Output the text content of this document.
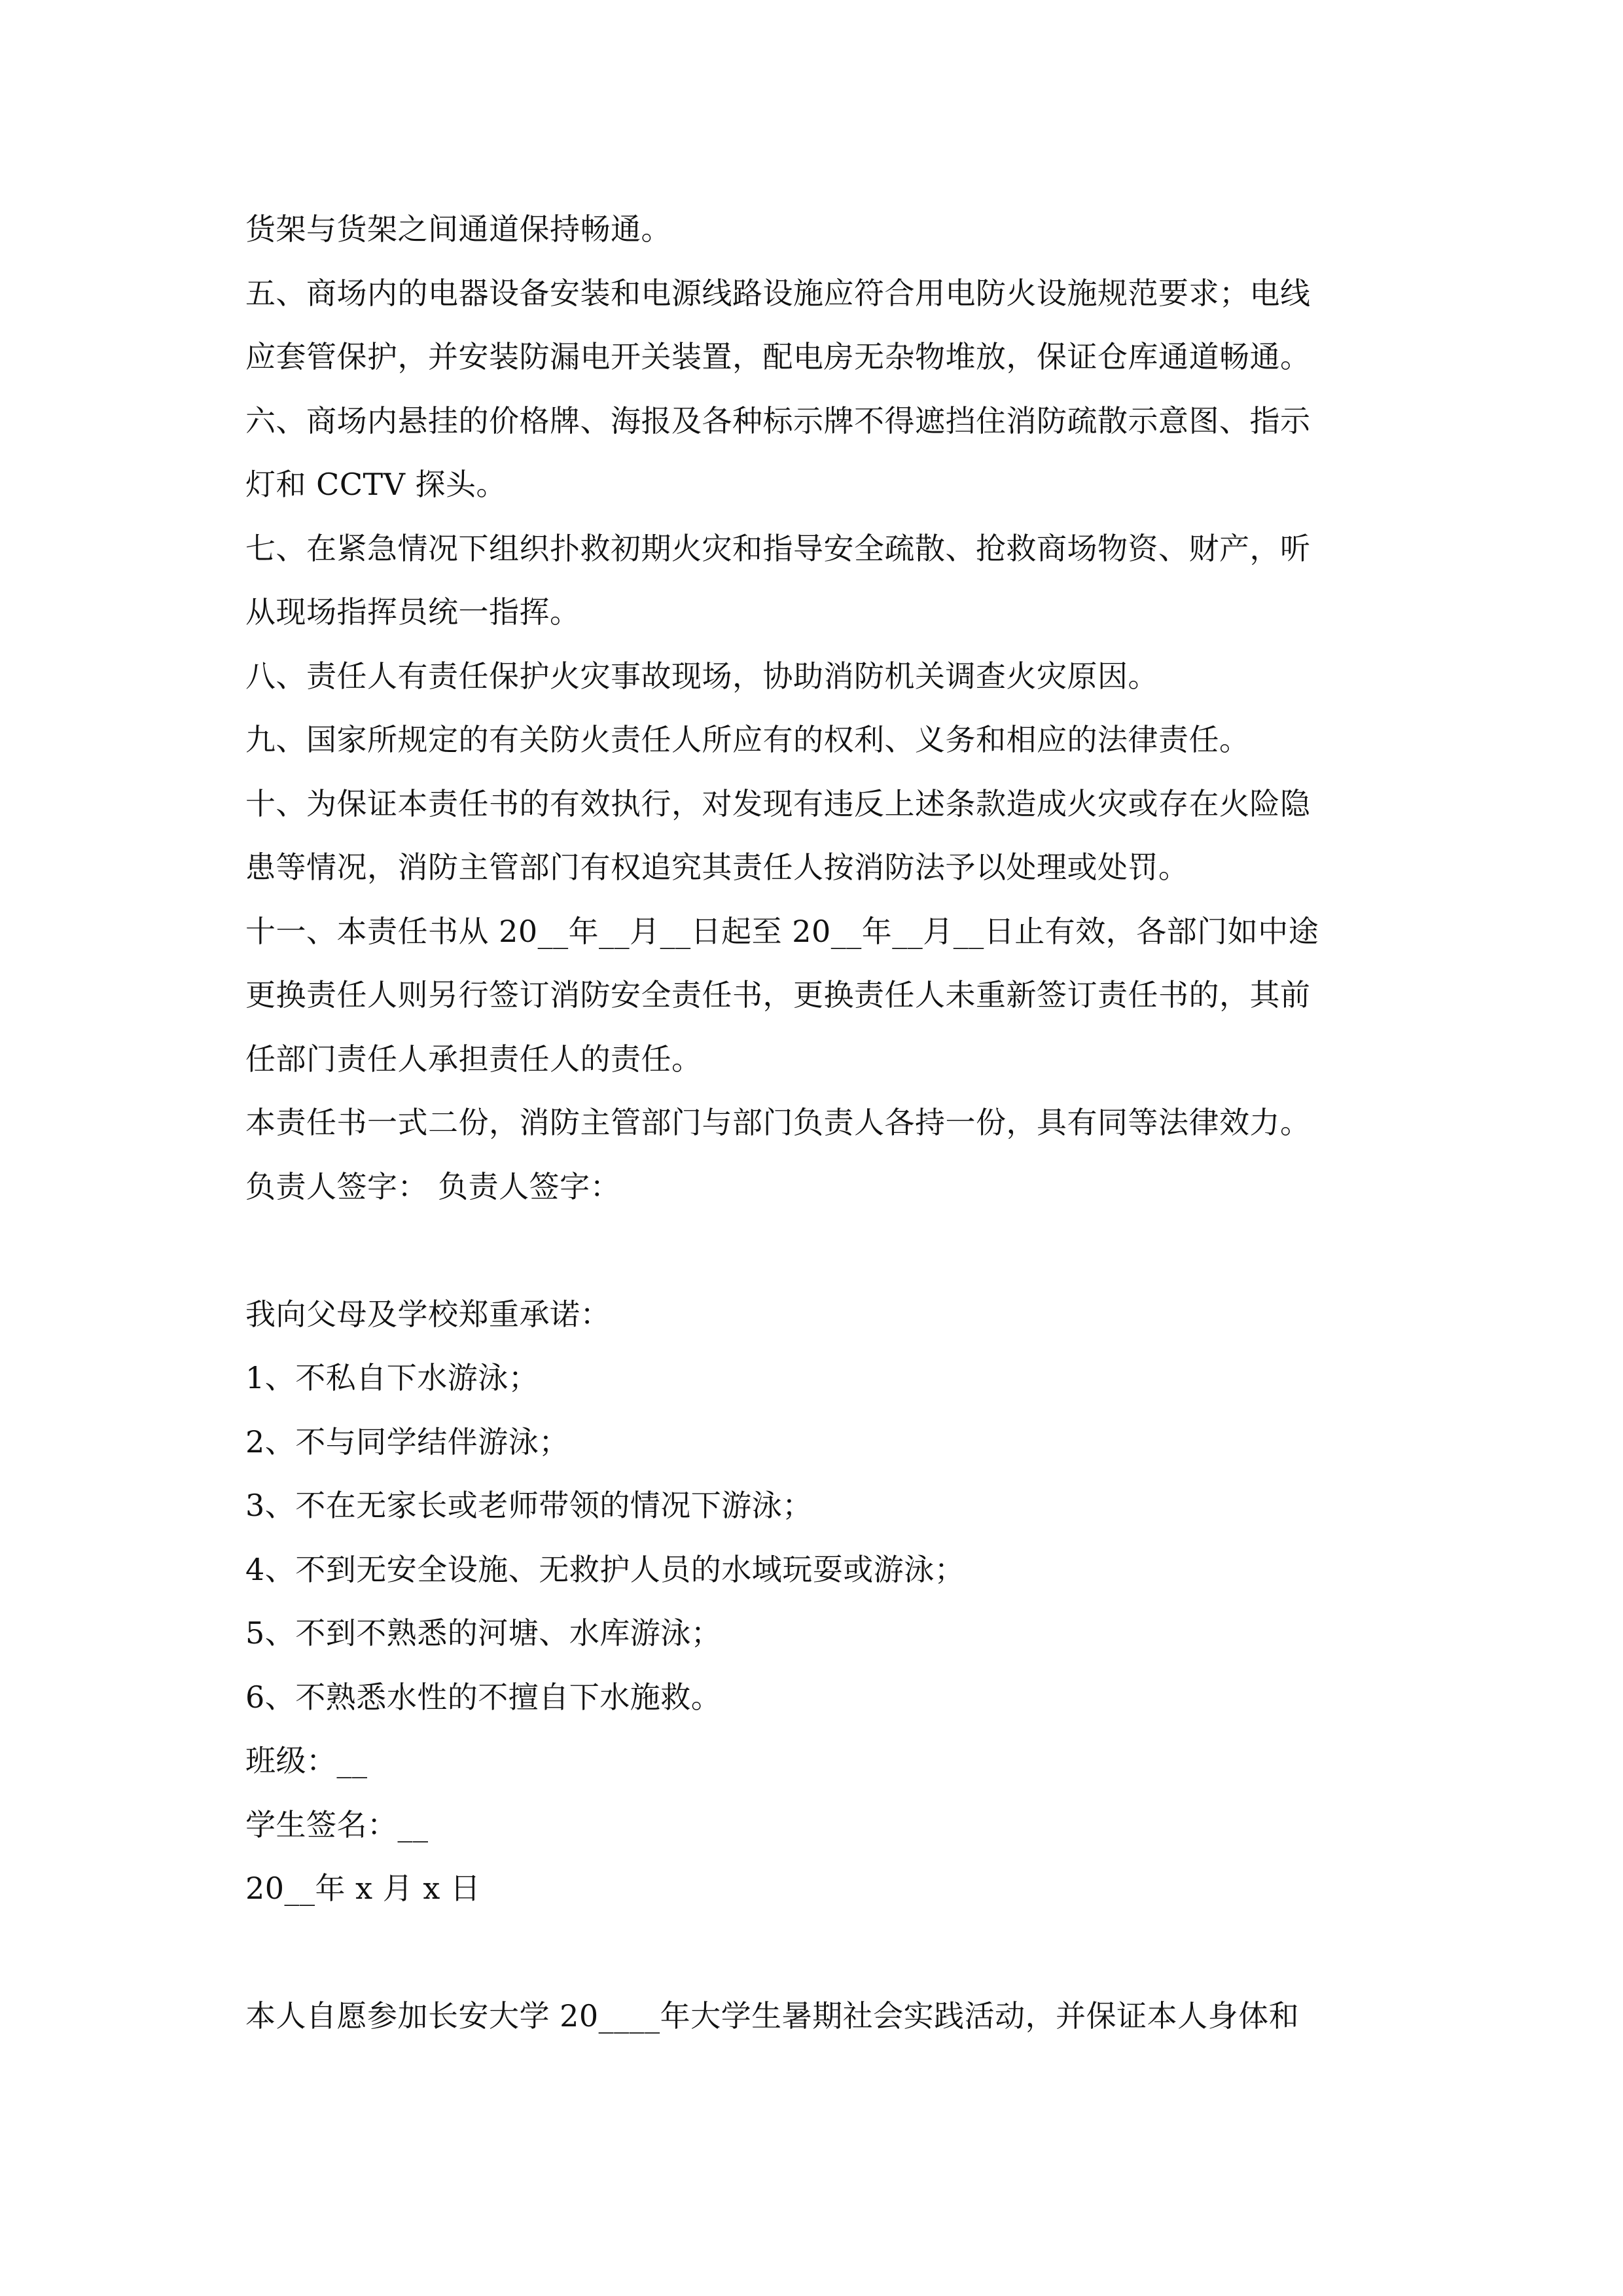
货架与货架之间通道保持畅通。
五、商场内的电器设备安装和电源线路设施应符合用电防火设施规范要求；电线
应套管保护，并安装防漏电开关装置，配电房无杂物堆放，保证仓库通道畅通。
六、商场内悬挂的价格牌、海报及各种标示牌不得遮挡住消防疏散示意图、指示
灯和 CCTV 探头。
七、在紧急情况下组织扑救初期火灾和指导安全疏散、抢救商场物资、财产，听
从现场指挥员统一指挥。
八、责任人有责任保护火灾事故现场，协助消防机关调查火灾原因。
九、国家所规定的有关防火责任人所应有的权利、义务和相应的法律责任。
十、为保证本责任书的有效执行，对发现有违反上述条款造成火灾或存在火险隐
患等情况，消防主管部门有权追究其责任人按消防法予以处理或处罚。
十一、本责任书从 20__年__月__日起至 20__年__月__日止有效，各部门如中途
更换责任人则另行签订消防安全责任书，更换责任人未重新签订责任书的，其前
任部门责任人承担责任人的责任。
本责任书一式二份，消防主管部门与部门负责人各持一份，具有同等法律效力。
负责人签字： 负责人签字：
我向父母及学校郑重承诺：
1、不私自下水游泳；
2、不与同学结伴游泳；
3、不在无家长或老师带领的情况下游泳；
4、不到无安全设施、无救护人员的水域玩耍或游泳；
5、不到不熟悉的河塘、水库游泳；
6、不熟悉水性的不擅自下水施救。
班级：__
学生签名：__
20__年 x 月 x 日
本人自愿参加长安大学 20____年大学生暑期社会实践活动，并保证本人身体和
